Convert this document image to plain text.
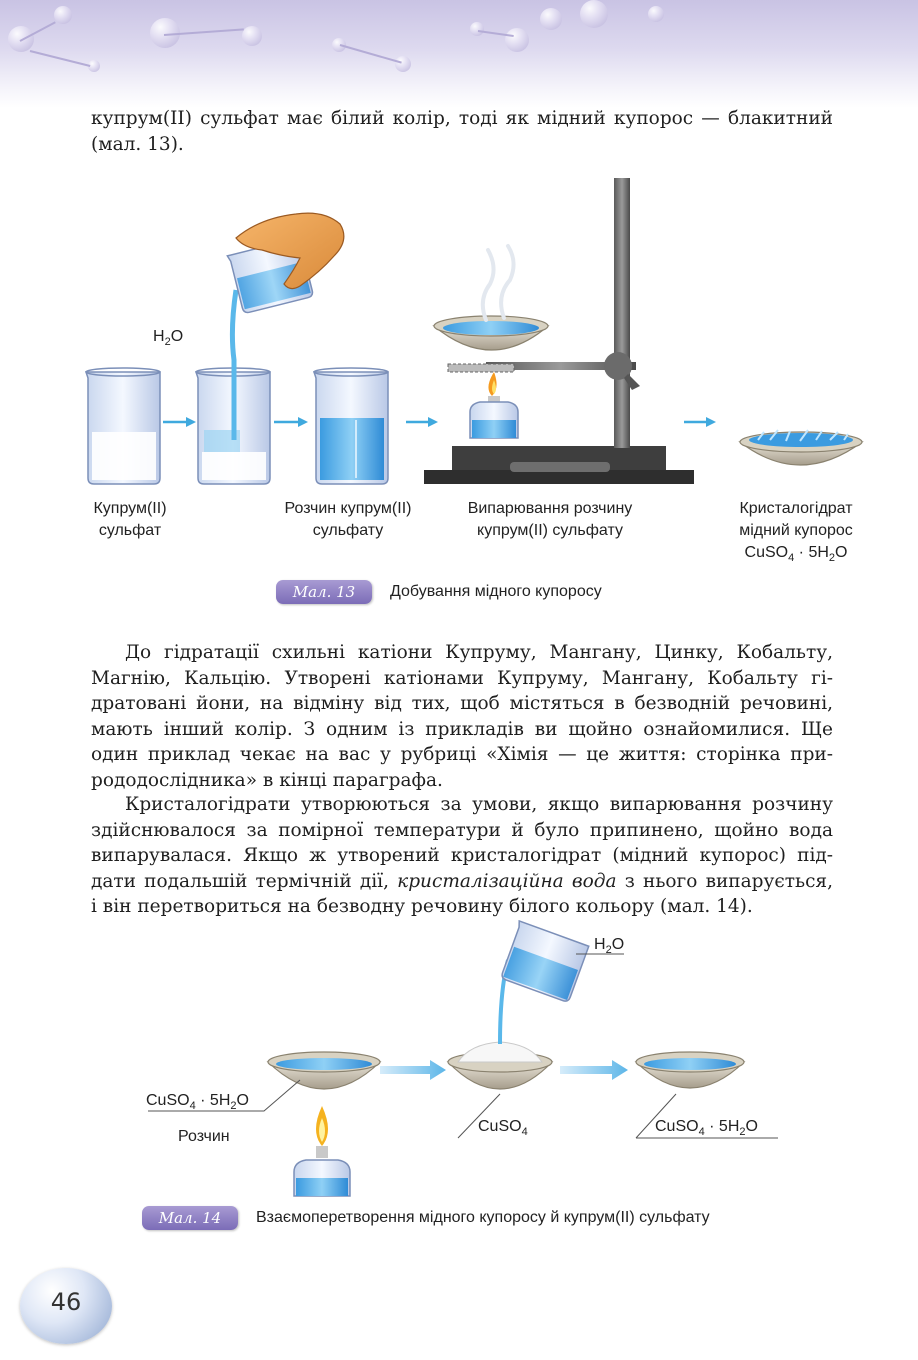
купрум(II) сульфат має білий колір, тоді як мідний купорос — блакитний
(мал. 13).
$H_2O$
Купрум(II)
сульфат
Розчин купрум(II)
сульфату
Випарювання розчину
купрум(II) сульфату
Кристалогідрат
мідний купорос
CuSO$_4$ · $5H_2O$
Мал. 13	Добування мідного купоросу
До гідратації схильні катіони Купруму, Мангану, Цинку, Кобальту,
Магнію, Кальцію. Утворені катіонами Купруму, Мангану, Кобальту гі-
дратовані йони, на відміну від тих, щоб містяться в безводній речовині,
мають інший колір. З одним із прикладів ви щойно ознайомилися. Ще
один приклад чекає на вас у рубриці «Хімія — це життя: сторінка при-
рододослідника» в кінці параграфа.
Кристалогідрати утворюються за умови, якщо випарювання розчину
здійснювалося за помірної температури й було припинено, щойно вода
випарувалася. Якщо ж утворений кристалогідрат (мідний купорос) під-
дати подальшій термічній дії, кристалізаційна вода з нього випарується,
і він перетвориться на безводну речовину білого кольору (мал. 14).
$H_2O$
CuSO$_4$ · $5H_2O$
Розчин
CuSO$_4$	CuSO$_4$ · $5H_2O$
Мал. 14	Взаємоперетворення мідного купоросу й купрум(II) сульфату
46
